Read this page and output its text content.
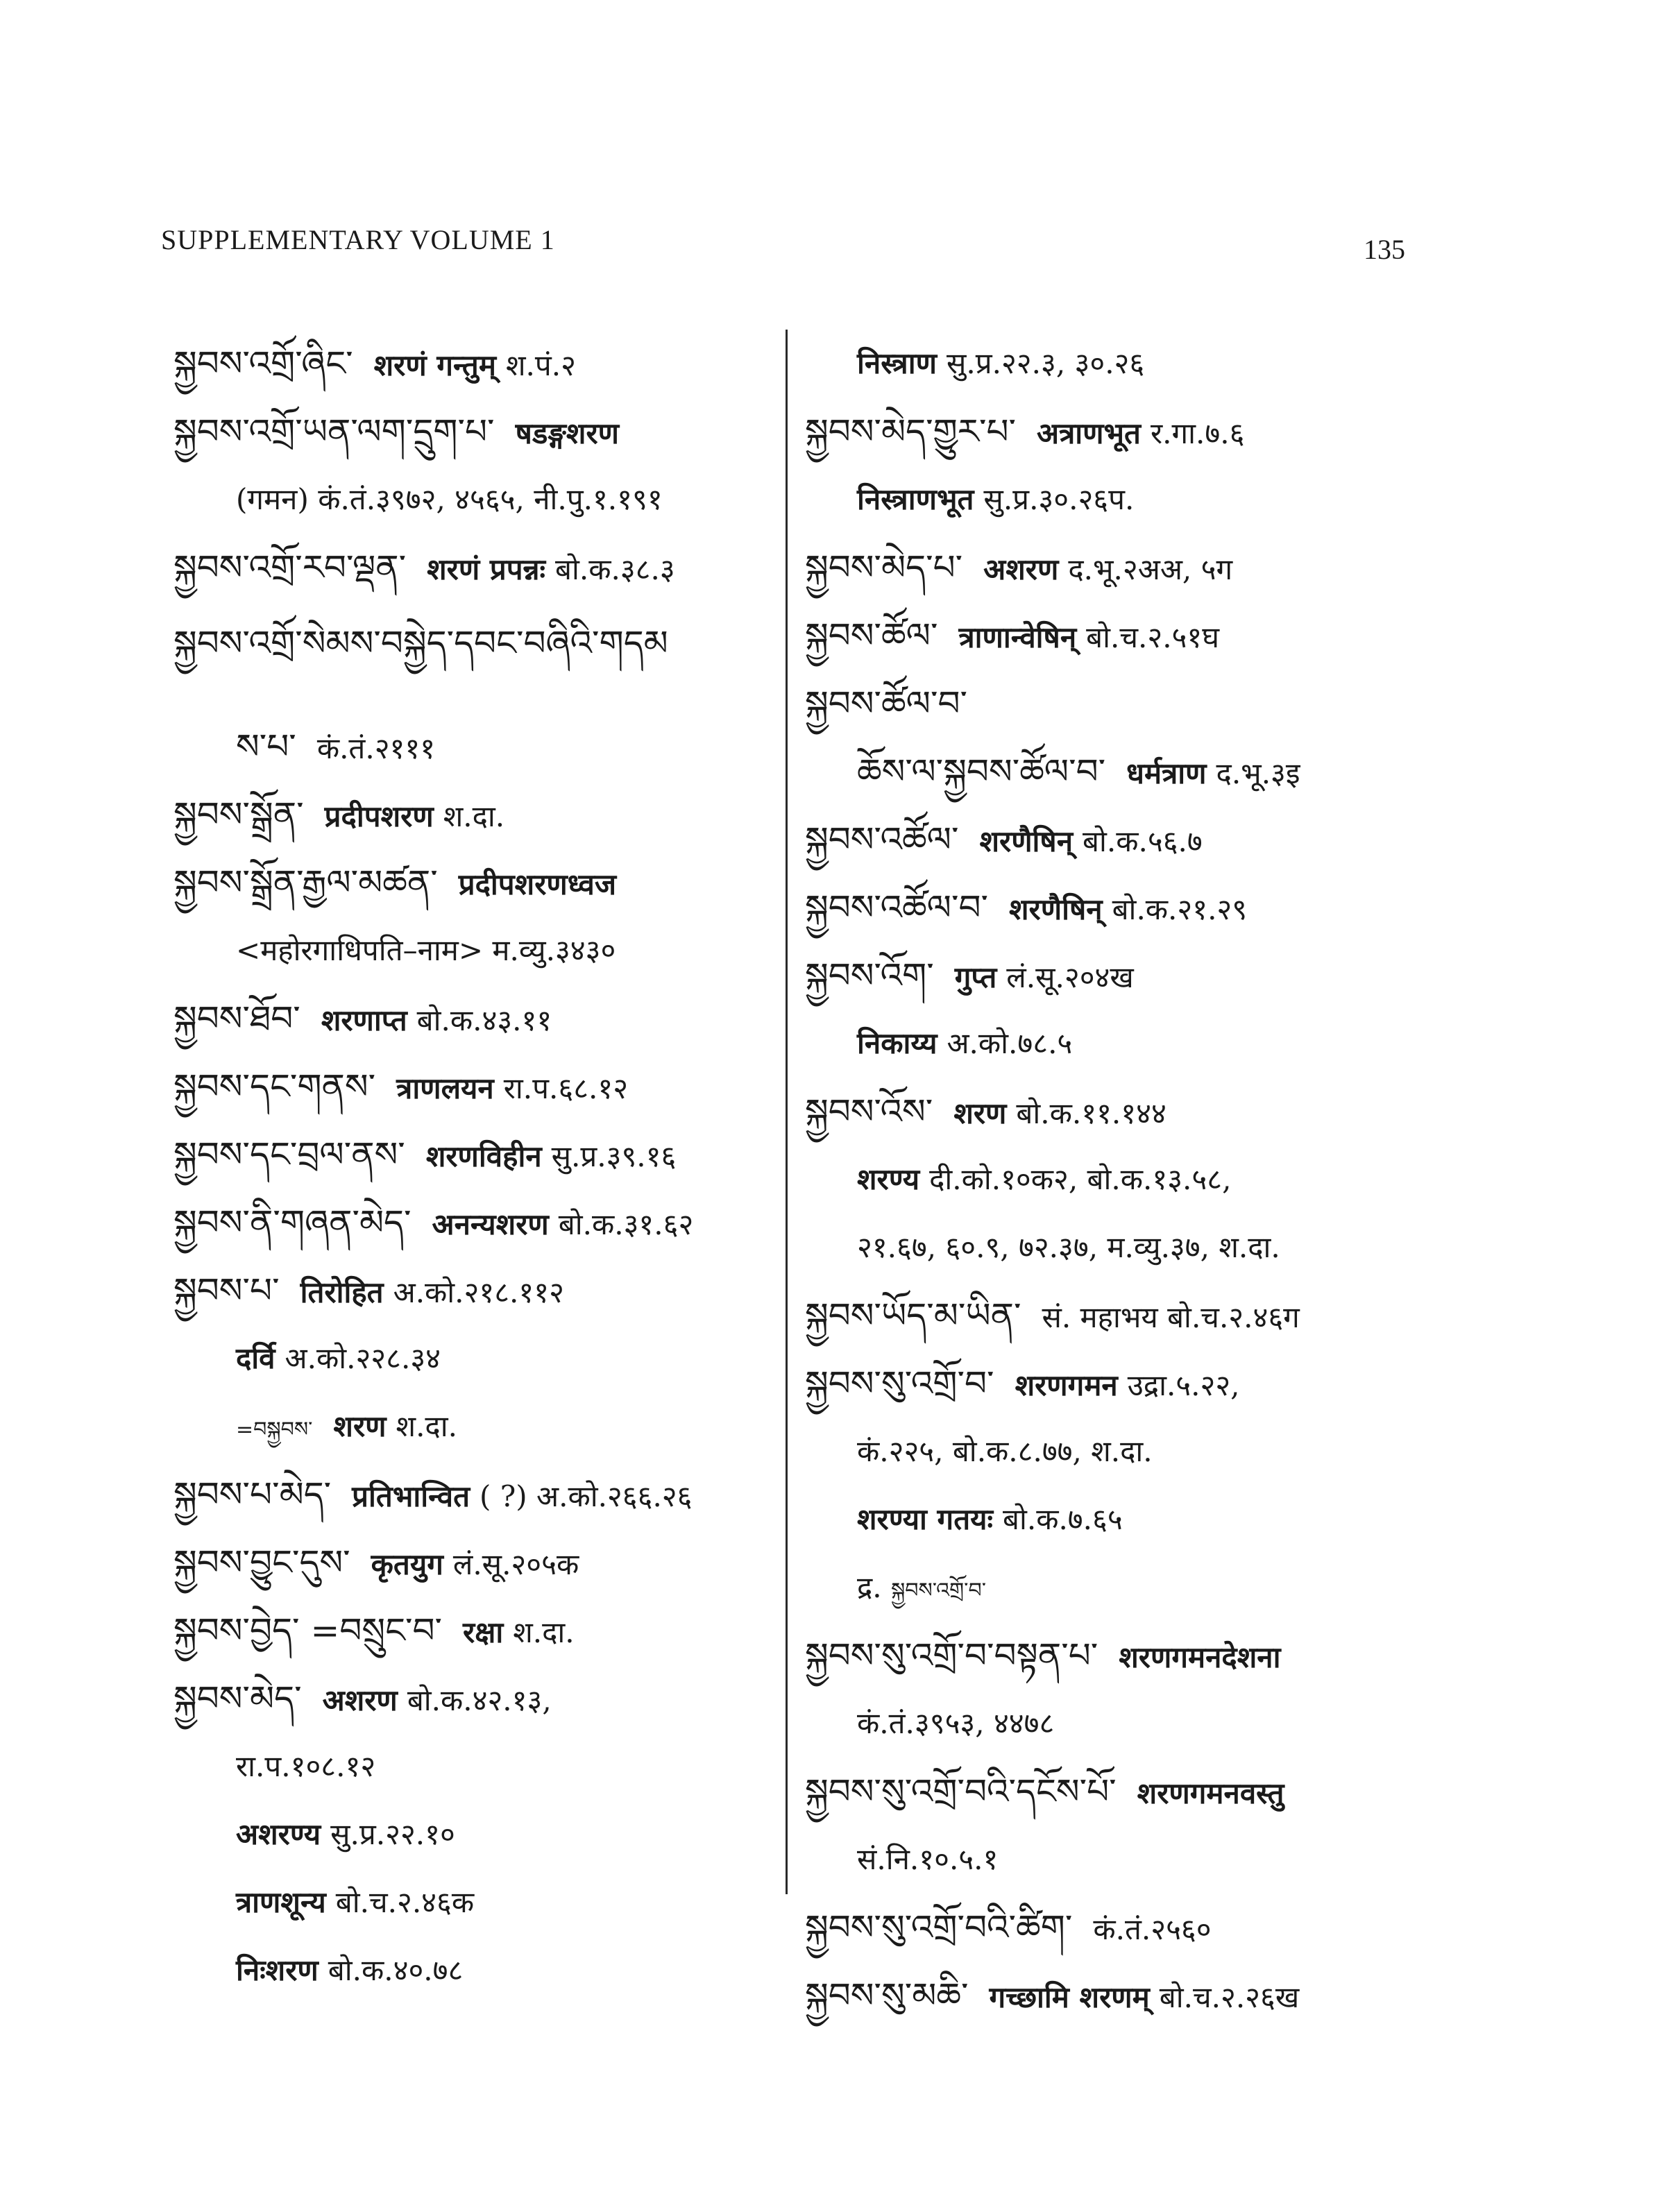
SUPPLEMENTARY VOLUME 1	135
སྐྱབས་འགྲོ་ཞིང་ शरणं गन्तुम् श.पं.२
སྐྱབས་འགྲོ་ཡན་ལག་དྲུག་པ་ षडङ्गशरण
(गमन) कं.तं.३९७२, ४५६५, नी.पु.१.१९१
སྐྱབས་འགྲོ་རབ་ལྡན་ शरणं प्रपन्नः बो.क.३८.३
སྐྱབས་འགྲོ་སེམས་བསྐྱེད་དབང་བཞིའི་གདམ
ས་པ་ कं.तं.२१११
སྐྱབས་སྒྲོན་ प्रदीपशरण श.दा.
སྐྱབས་སྒྲོན་རྒྱལ་མཚན་ प्रदीपशरणध्वज
<महोरगाधिपति–नाम> म.व्यु.३४३०
སྐྱབས་ཐོབ་ शरणाप्त बो.क.४३.११
སྐྱབས་དང་གནས་ त्राणलयन रा.प.६८.१२
སྐྱབས་དང་བྲལ་ནས་ शरणविहीन सु.प्र.३९.१६
སྐྱབས་ནི་གཞན་མེད་ अनन्यशरण बो.क.३१.६२
སྐྱབས་པ་ तिरोहित अ.को.२१८.११२
दर्वि अ.को.२२८.३४
=བསྐྱབས་ शरण श.दा.
སྐྱབས་པ་མེད་ प्रतिभान्वित ( ?) अ.को.२६६.२६
སྐྱབས་བྱུང་དུས་ कृतयुग लं.सू.२०५क
སྐྱབས་བྱེད་ =བསྲུང་བ་ रक्षा श.दा.
སྐྱབས་མེད་ अशरण बो.क.४२.१३,
रा.प.१०८.१२
अशरण्य सु.प्र.२२.१०
त्राणशून्य बो.च.२.४६क
निःशरण बो.क.४०.७८
निस्त्राण सु.प्र.२२.३, ३०.२६
སྐྱབས་མེད་གྱུར་པ་ अत्राणभूत र.गा.७.६
निस्त्राणभूत सु.प्र.३०.२६प.
སྐྱབས་མེད་པ་ अशरण द.भू.२अअ, ५ग
སྐྱབས་ཚོལ་ त्राणान्वेषिन् बो.च.२.५१घ
སྐྱབས་ཚོལ་བ་
ཆོས་ལ་སྐྱབས་ཚོལ་བ་ धर्मत्राण द.भू.३इ
སྐྱབས་འཚོལ་ शरणैषिन् बो.क.५६.७
སྐྱབས་འཚོལ་བ་ शरणैषिन् बो.क.२१.२९
སྐྱབས་འོག་ गुप्त लं.सू.२०४ख
निकाय्य अ.को.७८.५
སྐྱབས་འོས་ शरण बो.क.११.१४४
शरण्य दी.को.१०क२, बो.क.१३.५८,
२१.६७, ६०.९, ७२.३७, म.व्यु.३७, श.दा.
སྐྱབས་ཡོད་མ་ཡིན་ सं. महाभय बो.च.२.४६ग
སྐྱབས་སུ་འགྲོ་བ་ शरणगमन उद्रा.५.२२,
कं.२२५, बो.क.८.७७, श.दा.
शरण्या गतयः बो.क.७.६५
द्र. སྐྱབས་འགྲོ་བ་
སྐྱབས་སུ་འགྲོ་བ་བསྟན་པ་ शरणगमनदेशना
कं.तं.३९५३, ४४७८
སྐྱབས་སུ་འགྲོ་བའི་དངོས་པོ་ शरणगमनवस्तु
सं.नि.१०.५.१
སྐྱབས་སུ་འགྲོ་བའི་ཚིག་ कं.तं.२५६०
སྐྱབས་སུ་མཆི་ गच्छामि शरणम् बो.च.२.२६ख
